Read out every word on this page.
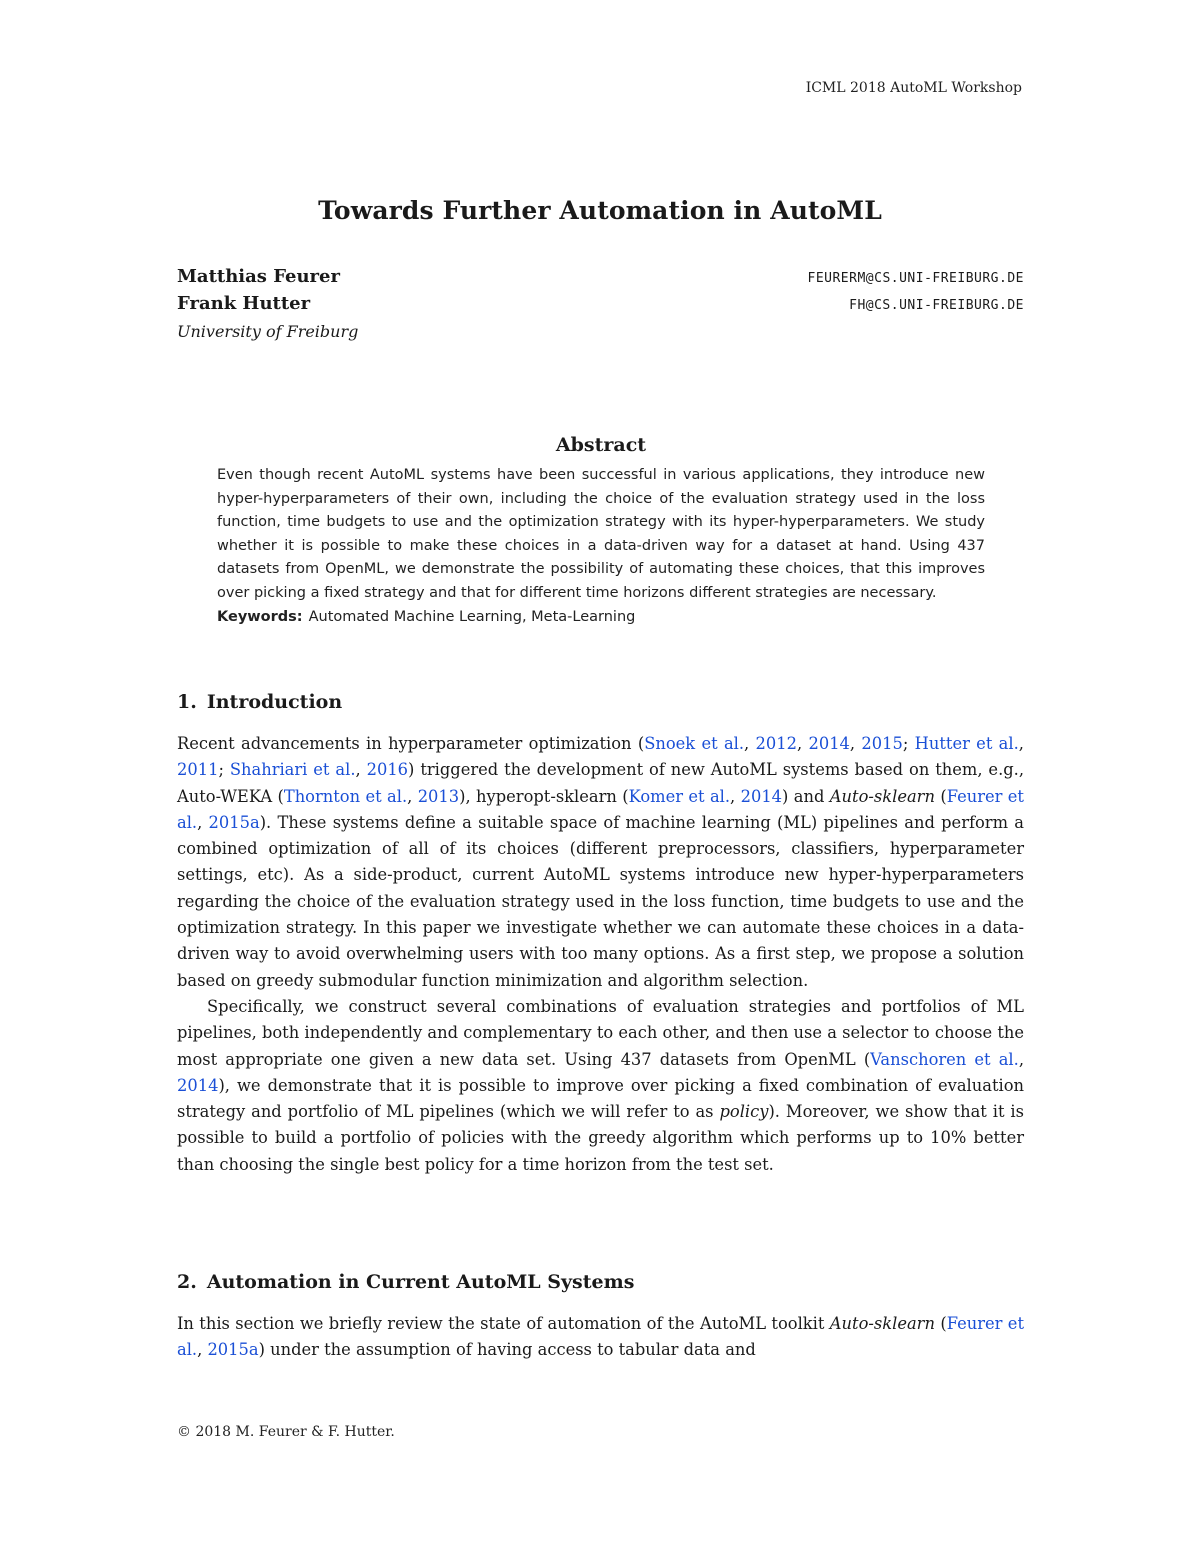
ICML 2018 AutoML Workshop
Towards Further Automation in AutoML
Matthias Feurer	FEURERM@CS.UNI-FREIBURG.DE
Frank Hutter	FH@CS.UNI-FREIBURG.DE
University of Freiburg
Abstract
Even though recent AutoML systems have been successful in various applications, they introduce new hyper-hyperparameters of their own, including the choice of the evaluation strategy used in the loss function, time budgets to use and the optimization strategy with its hyper-hyperparameters. We study whether it is possible to make these choices in a data-driven way for a dataset at hand. Using 437 datasets from OpenML, we demonstrate the possibility of automating these choices, that this improves over picking a fixed strategy and that for different time horizons different strategies are necessary.
Keywords: Automated Machine Learning, Meta-Learning
1. Introduction

Recent advancements in hyperparameter optimization (Snoek et al., 2012, 2014, 2015; Hutter et al., 2011; Shahriari et al., 2016) triggered the development of new AutoML systems based on them, e.g., Auto-WEKA (Thornton et al., 2013), hyperopt-sklearn (Komer et al., 2014) and Auto-sklearn (Feurer et al., 2015a). These systems define a suitable space of machine learning (ML) pipelines and perform a combined optimization of all of its choices (different preprocessors, classifiers, hyperparameter settings, etc). As a side-product, current AutoML systems introduce new hyper-hyperparameters regarding the choice of the evaluation strategy used in the loss function, time budgets to use and the optimization strategy. In this paper we investigate whether we can automate these choices in a data-driven way to avoid overwhelming users with too many options. As a first step, we propose a solution based on greedy submodular function minimization and algorithm selection.

Specifically, we construct several combinations of evaluation strategies and portfolios of ML pipelines, both independently and complementary to each other, and then use a selector to choose the most appropriate one given a new data set. Using 437 datasets from OpenML (Vanschoren et al., 2014), we demonstrate that it is possible to improve over picking a fixed combination of evaluation strategy and portfolio of ML pipelines (which we will refer to as policy). Moreover, we show that it is possible to build a portfolio of policies with the greedy algorithm which performs up to 10% better than choosing the single best policy for a time horizon from the test set.

2. Automation in Current AutoML Systems

In this section we briefly review the state of automation of the AutoML toolkit Auto-sklearn (Feurer et al., 2015a) under the assumption of having access to tabular data and

© 2018 M. Feurer & F. Hutter.
